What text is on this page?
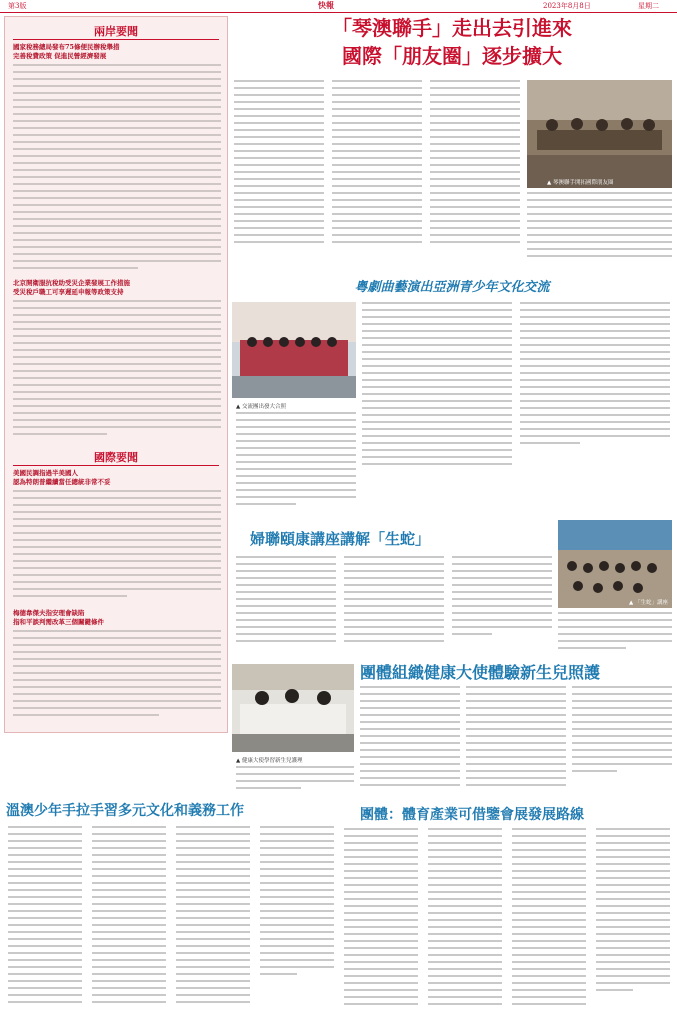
第3版	快報	2023年8月8日	星期二
兩岸要聞
國家稅務總局發布75條便民辦稅舉措
完善稅費政策 促進民營經濟發展
北京開衛服抗稅助受災企業發展工作措施
受災稅戶職工可享遲延申報等政策支持
國際要聞
美國民調指過半美國人
認為特朗普繼續當任總統非常不妥
梅德韋傑夫指安理會缺陷
指和平談判需改革三個關鍵條件
「琴澳聯手」走出去引進來
國際「朋友圈」逐步擴大
▲ 琴澳聯手開拓國際朋友圈
粵劇曲藝演出亞洲青少年文化交流
▲ 交流團出發大合照
婦聯頤康講座講解「生蛇」
▲ 「生蛇」講座
團體組織健康大使體驗新生兒照護
▲ 健康大使學習新生兒護理
溫澳少年手拉手習多元文化和義務工作	團體：體育產業可借鑒會展發展路線
